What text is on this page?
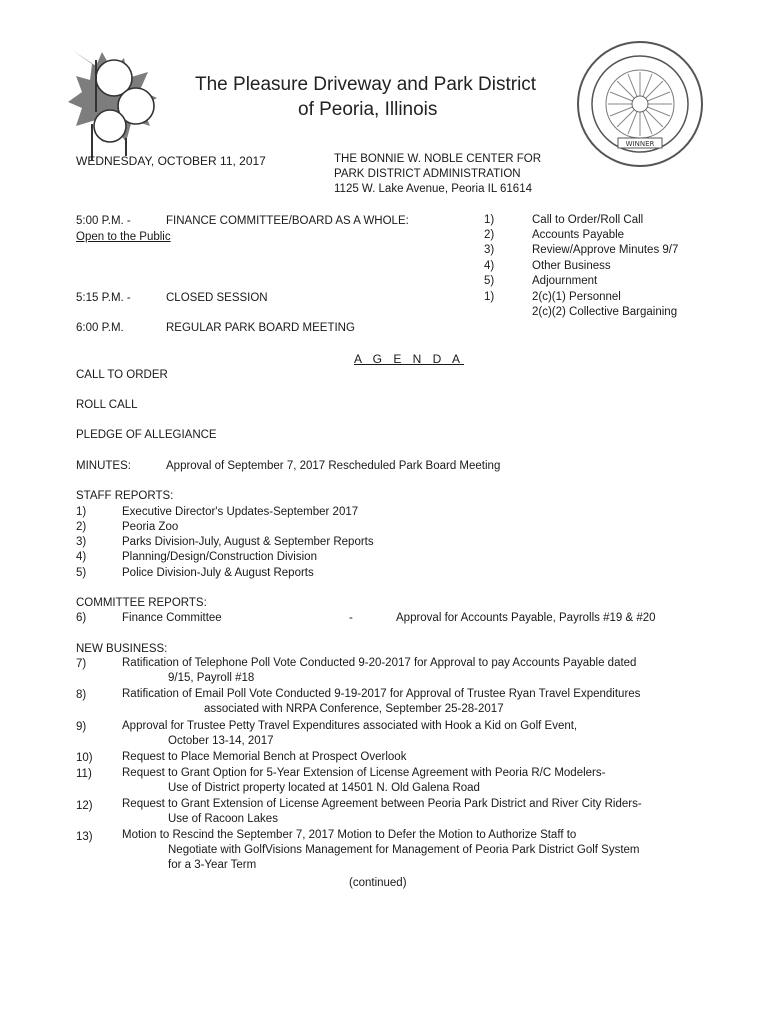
The Pleasure Driveway and Park District
of Peoria, Illinois
WINNER
WEDNESDAY, OCTOBER 11, 2017	THE BONNIE W. NOBLE CENTER FOR
PARK DISTRICT ADMINISTRATION
1125 W. Lake Avenue, Peoria IL 61614
5:00 P.M. -	FINANCE COMMITTEE/BOARD AS A WHOLE:
Open to the Public
1)	Call to Order/Roll Call
2)	Accounts Payable
3)	Review/Approve Minutes 9/7
4)	Other Business
5)	Adjournment
5:15 P.M. -	CLOSED SESSION	1)	2(c)(1) Personnel
2(c)(2) Collective Bargaining
6:00 P.M.	REGULAR PARK BOARD MEETING
A G E N D A
CALL TO ORDER
ROLL CALL
PLEDGE OF ALLEGIANCE
MINUTES:	Approval of September 7, 2017 Rescheduled Park Board Meeting
STAFF REPORTS:
1)	Executive Director's Updates-September 2017
2)	Peoria Zoo
3)	Parks Division-July, August & September Reports
4)	Planning/Design/Construction Division
5)	Police Division-July & August Reports
COMMITTEE REPORTS:
6)	Finance Committee	-	Approval for Accounts Payable, Payrolls #19 & #20
NEW BUSINESS:
7)	Ratification of Telephone Poll Vote Conducted 9-20-2017 for Approval to pay Accounts Payable dated
9/15, Payroll #18
8)	Ratification of Email Poll Vote Conducted 9-19-2017 for Approval of Trustee Ryan Travel Expenditures
associated with NRPA Conference, September 25-28-2017
9)	Approval for Trustee Petty Travel Expenditures associated with Hook a Kid on Golf Event,
October 13-14, 2017
10)	Request to Place Memorial Bench at Prospect Overlook
11)	Request to Grant Option for 5-Year Extension of License Agreement with Peoria R/C Modelers-
Use of District property located at 14501 N. Old Galena Road
12)	Request to Grant Extension of License Agreement between Peoria Park District and River City Riders-
Use of Racoon Lakes
13)	Motion to Rescind the September 7, 2017 Motion to Defer the Motion to Authorize Staff to
Negotiate with GolfVisions Management for Management of Peoria Park District Golf System
for a 3-Year Term
(continued)
